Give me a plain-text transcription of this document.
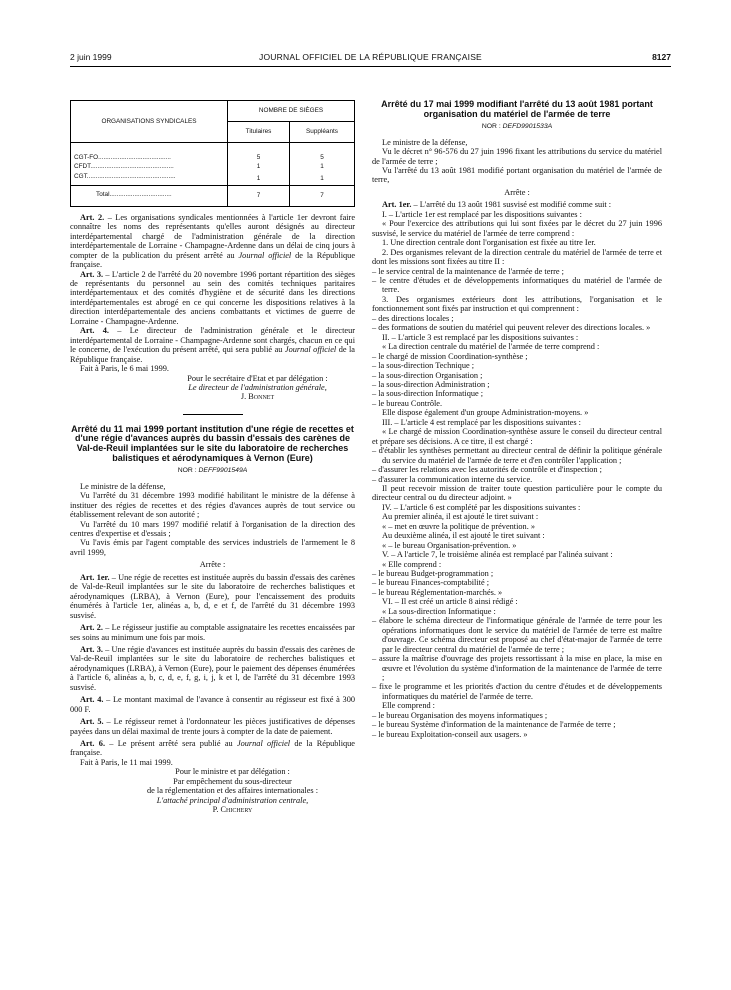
2 juin 1999	JOURNAL OFFICIEL DE LA RÉPUBLIQUE FRANÇAISE	8127
ORGANISATIONS SYNDICALES	NOMBRE DE SIÈGES	
	Titulaires	Suppléants
CGT-FO.........................................	5	5
CFDT...............................................	1	1
CGT..................................................	1	1
Total...................................	7	7

Art. 2. – Les organisations syndicales mentionnées à l'article 1er devront faire connaître les noms des représentants qu'elles auront désignés au directeur interdépartemental chargé de l'administration générale de la direction interdépartementale de Lorraine - Champagne-Ardenne dans un délai de cinq jours à compter de la publication du présent arrêté au Journal officiel de la République française.

Art. 3. – L'article 2 de l'arrêté du 20 novembre 1996 portant répartition des sièges de représentants du personnel au sein des comités techniques paritaires interdépartementaux et des comités d'hygiène et de sécurité dans les directions interdépartementales est abrogé en ce qui concerne les dispositions relatives à la direction interdépartementale des anciens combattants et victimes de guerre de Lorraine - Champagne-Ardenne.

Art. 4. – Le directeur de l'administration générale et le directeur interdépartemental de Lorraine - Champagne-Ardenne sont chargés, chacun en ce qui le concerne, de l'exécution du présent arrêté, qui sera publié au Journal officiel de la République française.

Fait à Paris, le 6 mai 1999.

Pour le secrétaire d'Etat et par délégation :

Le directeur de l'administration générale,

J. Bonnet

Arrêté du 11 mai 1999 portant institution d'une régie de recettes et d'une régie d'avances auprès du bassin d'essais des carènes de Val-de-Reuil implantées sur le site du laboratoire de recherches balistiques et aérodynamiques à Vernon (Eure)

NOR : DEFF9901549A

Le ministre de la défense,

Vu l'arrêté du 31 décembre 1993 modifié habilitant le ministre de la défense à instituer des régies de recettes et des régies d'avances auprès de tout service ou établissement relevant de son autorité ;

Vu l'arrêté du 10 mars 1997 modifié relatif à l'organisation de la direction des centres d'expertise et d'essais ;

Vu l'avis émis par l'agent comptable des services industriels de l'armement le 8 avril 1999,

Arrête :

Art. 1er. – Une régie de recettes est instituée auprès du bassin d'essais des carènes de Val-de-Reuil implantées sur le site du laboratoire de recherches balistiques et aérodynamiques (LRBA), à Vernon (Eure), pour l'encaissement des produits énumérés à l'article 1er, alinéas a, b, d, e et f, de l'arrêté du 31 décembre 1993 susvisé.

Art. 2. – Le régisseur justifie au comptable assignataire les recettes encaissées par ses soins au minimum une fois par mois.

Art. 3. – Une régie d'avances est instituée auprès du bassin d'essais des carènes de Val-de-Reuil implantées sur le site du laboratoire de recherches balistiques et aérodynamiques (LRBA), à Vernon (Eure), pour le paiement des dépenses énumérées à l'article 6, alinéas a, b, c, d, e, f, g, i, j, k et l, de l'arrêté du 31 décembre 1993 susvisé.

Art. 4. – Le montant maximal de l'avance à consentir au régisseur est fixé à 300 000 F.

Art. 5. – Le régisseur remet à l'ordonnateur les pièces justificatives de dépenses payées dans un délai maximal de trente jours à compter de la date de paiement.

Art. 6. – Le présent arrêté sera publié au Journal officiel de la République française.

Fait à Paris, le 11 mai 1999.

Pour le ministre et par délégation :

Par empêchement du sous-directeur

de la réglementation et des affaires internationales :

L'attaché principal d'administration centrale,

P. Chichery

Arrêté du 17 mai 1999 modifiant l'arrêté du 13 août 1981 portant organisation du matériel de l'armée de terre

NOR : DEFD9901533A

Le ministre de la défense,

Vu le décret n° 96-576 du 27 juin 1996 fixant les attributions du service du matériel de l'armée de terre ;

Vu l'arrêté du 13 août 1981 modifié portant organisation du matériel de l'armée de terre,

Arrête :

Art. 1er. – L'arrêté du 13 août 1981 susvisé est modifié comme suit :

I. – L'article 1er est remplacé par les dispositions suivantes :

« Pour l'exercice des attributions qui lui sont fixées par le décret du 27 juin 1996 susvisé, le service du matériel de l'armée de terre comprend :

1. Une direction centrale dont l'organisation est fixée au titre Ier.

2. Des organismes relevant de la direction centrale du matériel de l'armée de terre et dont les missions sont fixées au titre II :

– le service central de la maintenance de l'armée de terre ;

– le centre d'études et de développements informatiques du matériel de l'armée de terre.

3. Des organismes extérieurs dont les attributions, l'organisation et le fonctionnement sont fixés par instruction et qui comprennent :

– des directions locales ;

– des formations de soutien du matériel qui peuvent relever des directions locales. »

II. – L'article 3 est remplacé par les dispositions suivantes :

« La direction centrale du matériel de l'armée de terre comprend :

– le chargé de mission Coordination-synthèse ;

– la sous-direction Technique ;

– la sous-direction Organisation ;

– la sous-direction Administration ;

– la sous-direction Informatique ;

– le bureau Contrôle.

Elle dispose également d'un groupe Administration-moyens. »

III. – L'article 4 est remplacé par les dispositions suivantes :

« Le chargé de mission Coordination-synthèse assure le conseil du directeur central et prépare ses décisions. A ce titre, il est chargé :

– d'établir les synthèses permettant au directeur central de définir la politique générale du service du matériel de l'armée de terre et d'en contrôler l'application ;

– d'assurer les relations avec les autorités de contrôle et d'inspection ;

– d'assurer la communication interne du service.

Il peut recevoir mission de traiter toute question particulière pour le compte du directeur central ou du directeur adjoint. »

IV. – L'article 6 est complété par les dispositions suivantes :

Au premier alinéa, il est ajouté le tiret suivant :

« – met en œuvre la politique de prévention. »

Au deuxième alinéa, il est ajouté le tiret suivant :

« – le bureau Organisation-prévention. »

V. – A l'article 7, le troisième alinéa est remplacé par l'alinéa suivant :

« Elle comprend :

– le bureau Budget-programmation ;

– le bureau Finances-comptabilité ;

– le bureau Réglementation-marchés. »

VI. – Il est créé un article 8 ainsi rédigé :

« La sous-direction Informatique :

– élabore le schéma directeur de l'informatique générale de l'armée de terre pour les opérations informatiques dont le service du matériel de l'armée de terre est maître d'ouvrage. Ce schéma directeur est proposé au chef d'état-major de l'armée de terre par le directeur central du matériel de l'armée de terre ;

– assure la maîtrise d'ouvrage des projets ressortissant à la mise en place, la mise en œuvre et l'évolution du système d'information de la maintenance de l'armée de terre ;

– fixe le programme et les priorités d'action du centre d'études et de développements informatiques du matériel de l'armée de terre.

Elle comprend :

– le bureau Organisation des moyens informatiques ;

– le bureau Système d'information de la maintenance de l'armée de terre ;

– le bureau Exploitation-conseil aux usagers. »
